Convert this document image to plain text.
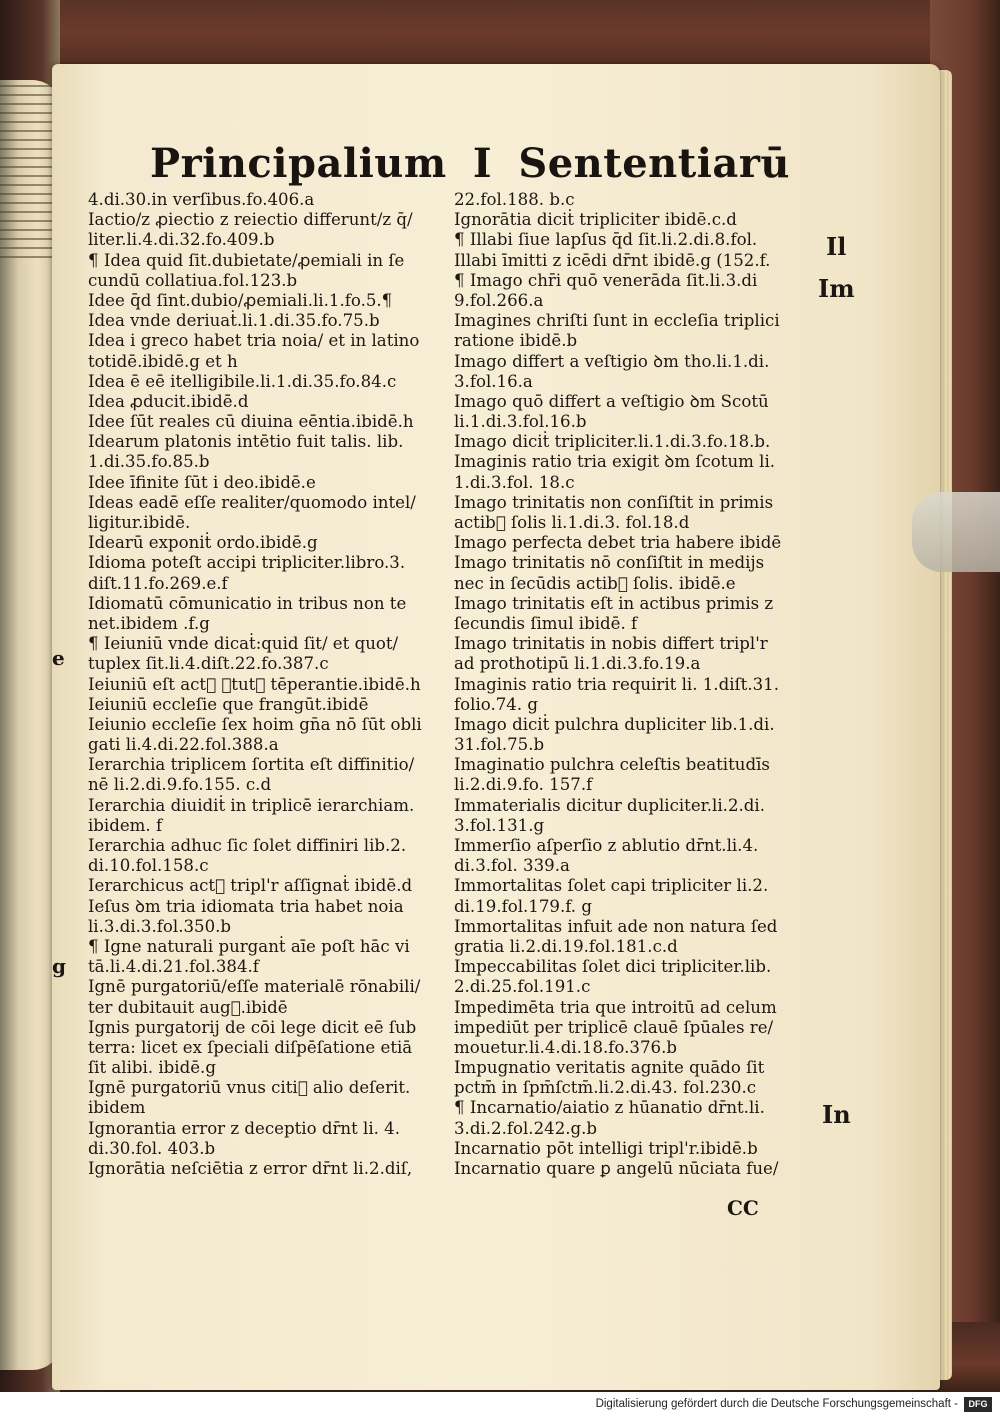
Principalium I Sententiarū
4.di.30.in verſibus.fo.406.a
Iactio/z ꝓiectio z reiectio differunt/z q̄/
liter.li.4.di.32.fo.409.b
¶ Idea quid ſit.dubietate/ꝓemiali in ſe
cundū collatiua.fol.123.b
Idee q̄d ſint.dubio/ꝓemiali.li.1.fo.5.¶
Idea vnde deriuaṫ.li.1.di.35.fo.75.b
Idea i greco habet tria noia/ et in latino
totidē.ibidē.g et h
Idea ē eē itelligibile.li.1.di.35.fo.84.c
Idea ꝓducit.ibidē.d
Idee ſūt reales cū diuina eēntia.ibidē.h
Idearum platonis intētio fuit talis. lib.
1.di.35.fo.85.b
Idee īfinite ſūt i deo.ibidē.e
Ideas eadē eſſe realiter/quomodo intel/
ligitur.ibidē.
Idearū exponiṫ ordo.ibidē.g
Idioma poteſt accipi tripliciter.libro.3.
diſt.11.fo.269.e.f
Idiomatū cōmunicatio in tribus non te
net.ibidem .f.g
¶ Ieiuniū vnde dicaṫ:quid ſit/ et quot/
tuplex ſit.li.4.diſt.22.fo.387.c
Ieiuniū eſt act᷒ ꝟtut᷒ tēperantie.ibidē.h
Ieiuniū eccleſie que frangūt.ibidē
Ieiunio eccleſie ſex hoim gn̄a nō ſūt obli
gati li.4.di.22.fol.388.a
Ierarchia triplicem ſortita eſt diffinitio/
nē li.2.di.9.fo.155. c.d
Ierarchia diuidiṫ in triplicē ierarchiam.
ibidem. f
Ierarchia adhuc ſic ſolet diffiniri lib.2.
di.10.fol.158.c
Ierarchicus act᷒ tripl'r aſſignaṫ ibidē.d
Ieſus ꝺm tria idiomata tria habet noia
li.3.di.3.fol.350.b
¶ Igne naturali purganṫ aīe poſt hāc vi
tā.li.4.di.21.fol.384.f
Ignē purgatoriū/eſſe materialē rōnabili/
ter dubitauit aug᷒.ibidē
Ignis purgatorij de cōi lege dicit eē ſub
terra: licet ex ſpeciali diſpēſatione etiā
ſit alibi. ibidē.g
Ignē purgatoriū vnus citi᷒ alio deſerit.
ibidem
Ignorantia error z deceptio dr̄nt li. 4.
di.30.fol. 403.b
Ignorātia neſciētia z error dr̄nt li.2.diſ,
22.fol.188. b.c
Ignorātia diciṫ tripliciter ibidē.c.d
¶ Illabi ſiue lapſus q̄d ſit.li.2.di.8.fol.
Illabi īmitti z icēdi dr̄nt ibidē.g (152.f.
¶ Imago chr̄i quō venerāda ſit.li.3.di
9.fol.266.a
Imagines chriſti ſunt in eccleſia triplici
ratione ibidē.b
Imago differt a veſtigio ꝺm tho.li.1.di.
3.fol.16.a
Imago quō differt a veſtigio ꝺm Scotū
li.1.di.3.fol.16.b
Imago diciṫ tripliciter.li.1.di.3.fo.18.b.
Imaginis ratio tria exigit ꝺm ſcotum li.
1.di.3.fol. 18.c
Imago trinitatis non conſiſtit in primis
actib᷒ ſolis li.1.di.3. fol.18.d
Imago perfecta debet tria habere ibidē
Imago trinitatis nō conſiſtit in medijs
nec in ſecūdis actib᷒ ſolis. ibidē.e
Imago trinitatis eſt in actibus primis z
ſecundis ſimul ibidē. f
Imago trinitatis in nobis differt tripl'r
ad prothotipū li.1.di.3.fo.19.a
Imaginis ratio tria requirit li. 1.diſt.31.
folio.74. g
Imago diciṫ pulchra dupliciter lib.1.di.
31.fol.75.b
Imaginatio pulchra celeſtis beatitudīs
li.2.di.9.fo. 157.f
Immaterialis dicitur dupliciter.li.2.di.
3.fol.131.g
Immerſio aſperſio z ablutio dr̄nt.li.4.
di.3.fol. 339.a
Immortalitas ſolet capi tripliciter li.2.
di.19.fol.179.f. g
Immortalitas infuit ade non natura ſed
gratia li.2.di.19.fol.181.c.d
Impeccabilitas ſolet dici tripliciter.lib.
2.di.25.fol.191.c
Impedimēta tria que introitū ad celum
impediūt per triplicē clauē ſpūales re/
mouetur.li.4.di.18.fo.376.b
Impugnatio veritatis agnite quādo ſit
pctm̄ in ſpm̄ſctm̄.li.2.di.43. fol.230.c
¶ Incarnatio/aiatio z hūanatio dr̄nt.li.
3.di.2.fol.242.g.b
Incarnatio pōt intelligi tripl'r.ibidē.b
Incarnatio quare ꝑ angelū nūciata fue/
Il
Im
In
e
g
CC
Digitalisierung gefördert durch die Deutsche Forschungsgemeinschaft -	DFG
